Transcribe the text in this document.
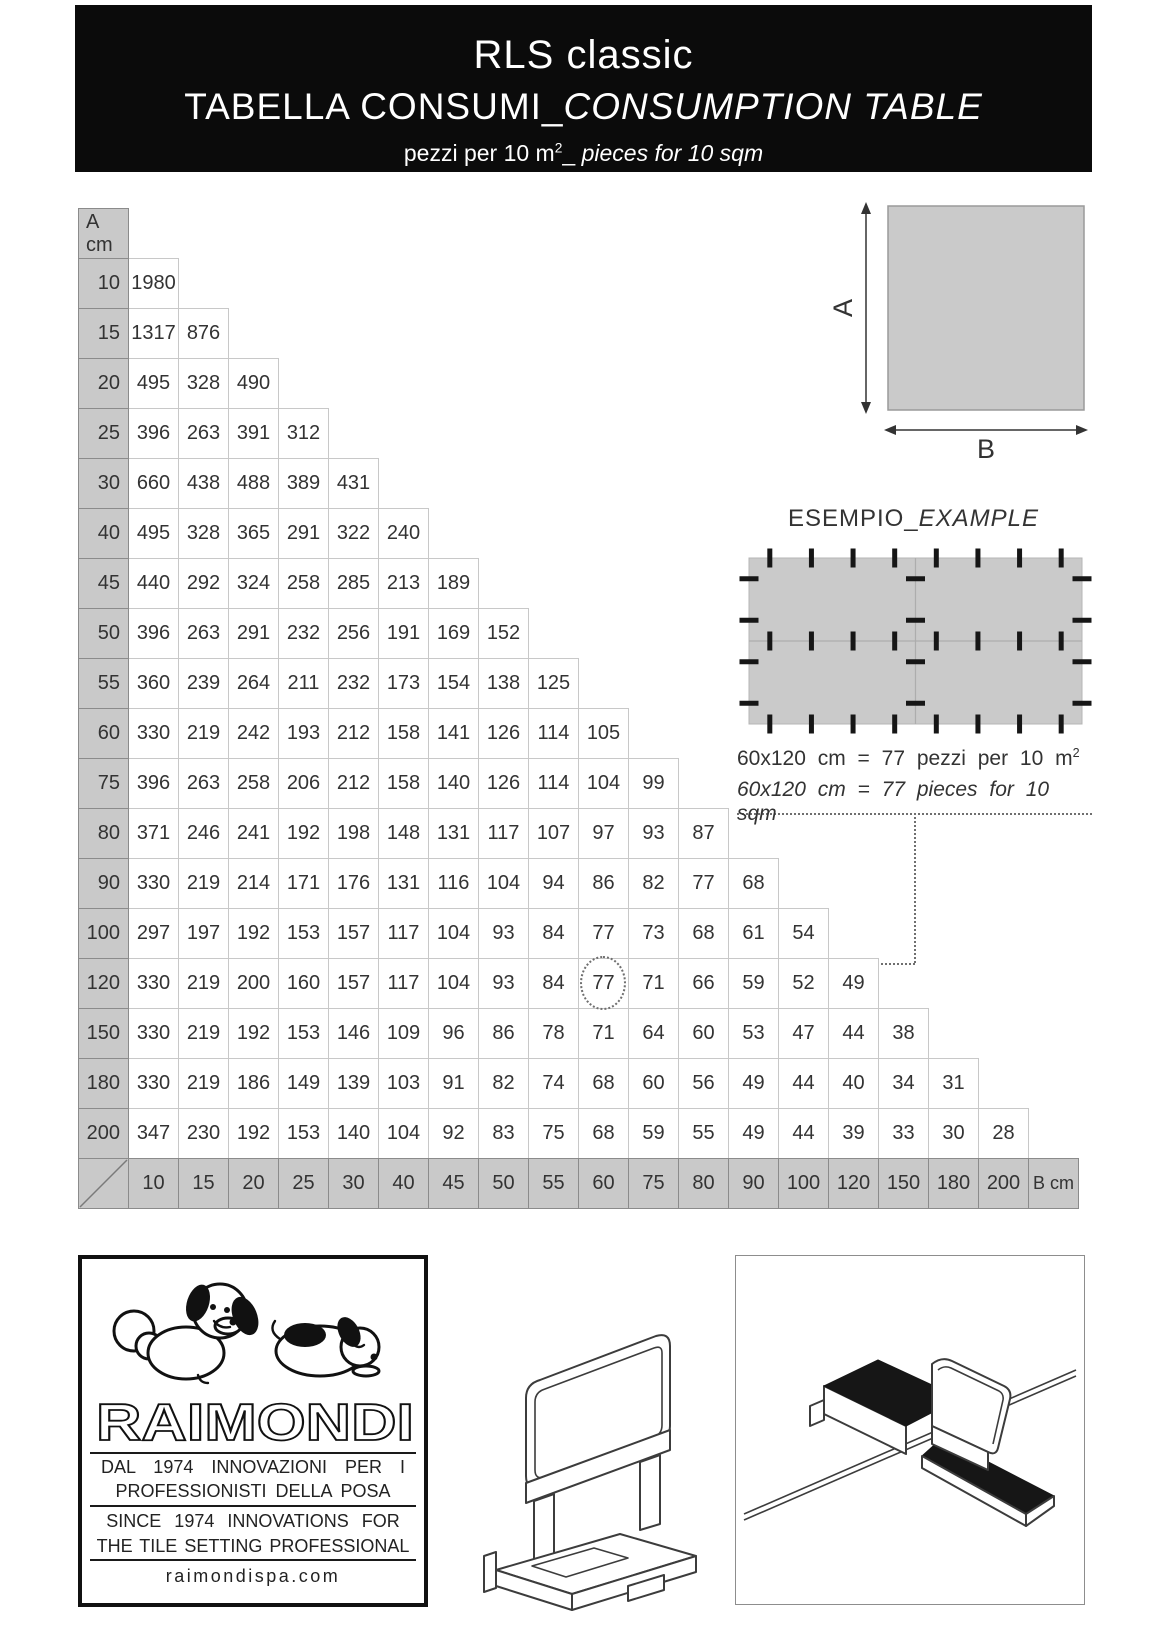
RLS classic
TABELLA CONSUMI_CONSUMPTION TABLE
pezzi per 10 $m^2\_$ pieces for 10 sqm
A cm
10 1980
15 1317 876
20 495 328 490
25 396 263 391 312
30 660 438 488 389 431
40 495 328 365 291 322 240
45 440 292 324 258 285 213 189
50 396 263 291 232 256 191 169 152
55 360 239 264 211 232 173 154 138 125
60 330 219 242 193 212 158 141 126 114 105
75 396 263 258 206 212 158 140 126 114 104	99
80 371 246 241 192 198 148 131 117 107	97	93	87
90 330 219 214 171 176 131 116 104	94	86	82	77	68
100 297 197 192 153 157 117 104	93	84	77	73	68	61	54
120 330 219 200 160 157 117 104	93	84	77	71	66	59	52	49
150 330 219 192 153 146 109	96	86	78	71	64	60	53	47	44	38
180 330 219 186 149 139 103	91	82	74	68	60	56	49	44	40	34	31
200 347 230 192 153 140 104	92	83	75	68	59	55	49	44	39	33	30	28
10	15	20	25	30	40	45	50	55	60	75	80	90	100 120 150 180 200 B cm
A
B
ESEMPIO_EXAMPLE
60x120 cm = 77 pezzi per 10 $m^2$
60x120 cm = 77 pieces for 10 sqm
RAIMONDI
DAL 1974 INNOVAZIONI PER I
PROFESSIONISTI DELLA POSA
SINCE 1974 INNOVATIONS FOR
THE TILE SETTING PROFESSIONAL
raimondispa.com
